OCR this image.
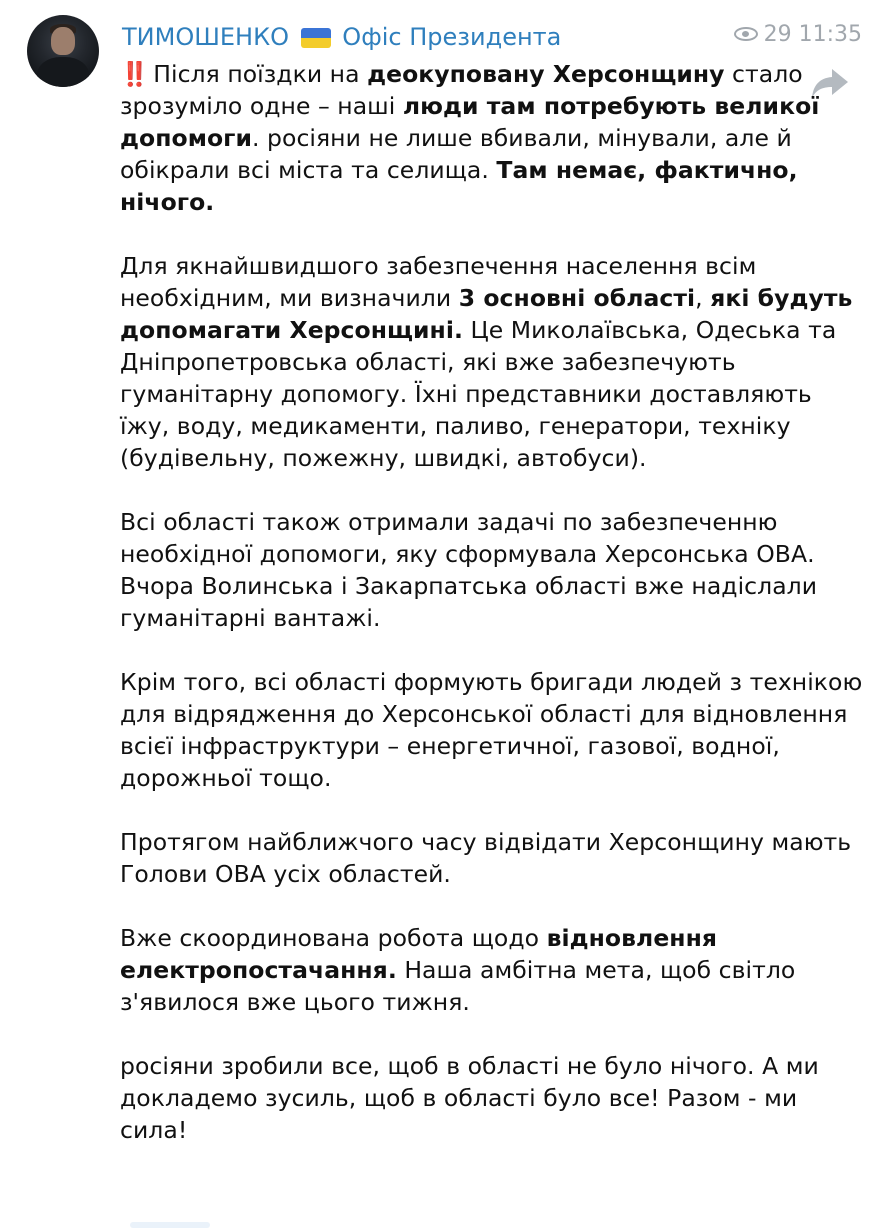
ТИМОШЕНКО Офіс Президента	29 11:35

‼️ Після поїздки на деокуповану Херсонщину стало зрозуміло одне – наші люди там потребують великої допомоги. росіяни не лише вбивали, мінували, але й обікрали всі міста та селища. Там немає, фактично, нічого.

Для якнайшвидшого забезпечення населення всім необхідним, ми визначили 3 основні області, які будуть допомагати Херсонщині. Це Миколаївська, Одеська та Дніпропетровська області, які вже забезпечують гуманітарну допомогу. Їхні представники доставляють їжу, воду, медикаменти, паливо, генератори, техніку (будівельну, пожежну, швидкі, автобуси).

Всі області також отримали задачі по забезпеченню необхідної допомоги, яку сформувала Херсонська ОВА. Вчора Волинська і Закарпатська області вже надіслали гуманітарні вантажі.

Крім того, всі області формують бригади людей з технікою для відрядження до Херсонської області для відновлення всієї інфраструктури – енергетичної, газової, водної, дорожньої тощо.

Протягом найближчого часу відвідати Херсонщину мають Голови ОВА усіх областей.

Вже скоординована робота щодо відновлення електропостачання. Наша амбітна мета, щоб світло з'явилося вже цього тижня.

росіяни зробили все, щоб в області не було нічого. А ми докладемо зусиль, щоб в області було все! Разом - ми сила!
